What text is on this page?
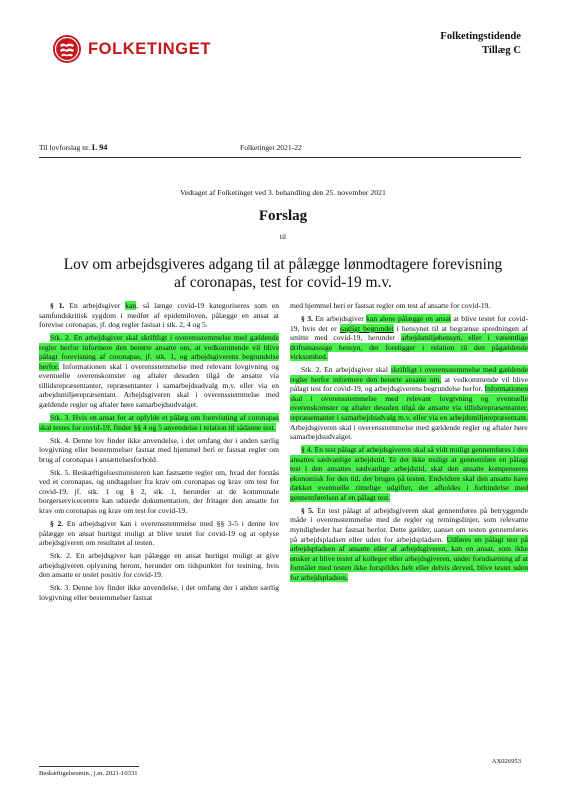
FOLKETINGET
Folketingstidende
Tillæg C
Til lovforslag nr. L 94	Folketinget 2021-22
Vedtaget af Folketinget ved 3. behandling den 25. november 2021
Forslag
til
Lov om arbejdsgiveres adgang til at pålægge lønmodtagere forevisning af coronapas, test for covid-19 m.v.

§ 1. En arbejdsgiver kan, så længe covid-19 kategoriseres som en samfundskritisk sygdom i medfør af epidemiloven, pålægge en ansat at forevise coronapas, jf. dog regler fastsat i stk. 2, 4 og 5.

Stk. 2. En arbejdsgiver skal skriftligt i overensstemmelse med gældende regler herfor informere den berørte ansatte om, at vedkommende vil blive pålagt forevisning af coronapas, jf. stk. 1, og arbejdsgiverens begrundelse herfor. Informationen skal i overensstemmelse med relevant lovgivning og eventuelle overenskomster og aftaler desuden tilgå de ansatte via tillidsrepræsentanter, repræsentanter i samarbejdsudvalg m.v. eller via en arbejdsmiljørepræsentant. Arbejdsgiveren skal i overensstemmelse med gældende regler og aftaler høre samarbejdsudvalget.

Stk. 3. Hvis en ansat for at opfylde et pålæg om forevisning af coronapas skal testes for covid-19, finder §§ 4 og 5 anvendelse i relation til sådanne test.

Stk. 4. Denne lov finder ikke anvendelse, i det omfang der i anden særlig lovgivning eller bestemmelser fastsat med hjemmel heri er fastsat regler om brug af coronapas i ansættelsesforhold.

Stk. 5. Beskæftigelsesministeren kan fastsætte regler om, hvad der forstås ved et coronapas, og undtagelser fra krav om coronapas og krav om test for covid-19, jf. stk. 1 og § 2, stk. 1, herunder at de kommunale borgerservicecentre kan udstede dokumentation, der fritager den ansatte for krav om coronapas og krav om test for covid-19.

§ 2. En arbejdsgiver kan i overensstemmelse med §§ 3-5 i denne lov pålægge en ansat hurtigst muligt at blive testet for covid-19 og at oplyse arbejdsgiveren om resultatet af testen.

Stk. 2. En arbejdsgiver kan pålægge en ansat hurtigst muligt at give arbejdsgiveren oplysning herom, herunder om tidspunktet for testning, hvis den ansatte er testet positiv for covid-19.

Stk. 3. Denne lov finder ikke anvendelse, i det omfang der i anden særlig lovgivning eller bestemmelser fastsat

med hjemmel heri er fastsat regler om test af ansatte for covid-19.

§ 3. En arbejdsgiver kan alene pålægge en ansat at blive testet for covid-19, hvis det er sagligt begrundet i hensynet til at begrænse spredningen af smitte med covid-19, herunder arbejdsmiljøhensyn, eller i væsentlige driftsmæssige hensyn, der foreligger i relation til den pågældende virksomhed.

Stk. 2. En arbejdsgiver skal skriftligt i overensstemmelse med gældende regler herfor informere den berørte ansatte om, at vedkommende vil blive pålagt test for covid-19, og arbejdsgiverens begrundelse herfor. Informationen skal i overensstemmelse med relevant lovgivning og eventuelle overenskomster og aftaler desuden tilgå de ansatte via tillidsrepræsentanter, repræsentanter i samarbejdsudvalg m.v. eller via en arbejdsmiljørepræsentant. Arbejdsgiveren skal i overensstemmelse med gældende regler og aftaler høre samarbejdsudvalget.

§ 4. En test pålagt af arbejdsgiveren skal så vidt muligt gennemføres i den ansattes sædvanlige arbejdstid. Er det ikke muligt at gennemføre en pålagt test i den ansattes sædvanlige arbejdstid, skal den ansatte kompenseres økonomisk for den tid, der bruges på testen. Endvidere skal den ansatte have dækket eventuelle rimelige udgifter, der afholdes i forbindelse med gennemførelsen af en pålagt test.

§ 5. En test pålagt af arbejdsgiveren skal gennemføres på betryggende måde i overensstemmelse med de regler og retningslinjer, som relevante myndigheder har fastsat herfor. Dette gælder, uanset om testen gennemføres på arbejdspladsen eller uden for arbejdspladsen. Udføres en pålagt test på arbejdspladsen af ansatte eller af arbejdsgiveren, kan en ansat, som ikke ønsker at blive testet af kolleger eller arbejdsgiveren, under forudsætning af at formålet med testen ikke forspildes helt eller delvis derved, blive testet uden for arbejdspladsen.

AX026953
Beskæftigelsesmin., j.nr. 2021-10331
